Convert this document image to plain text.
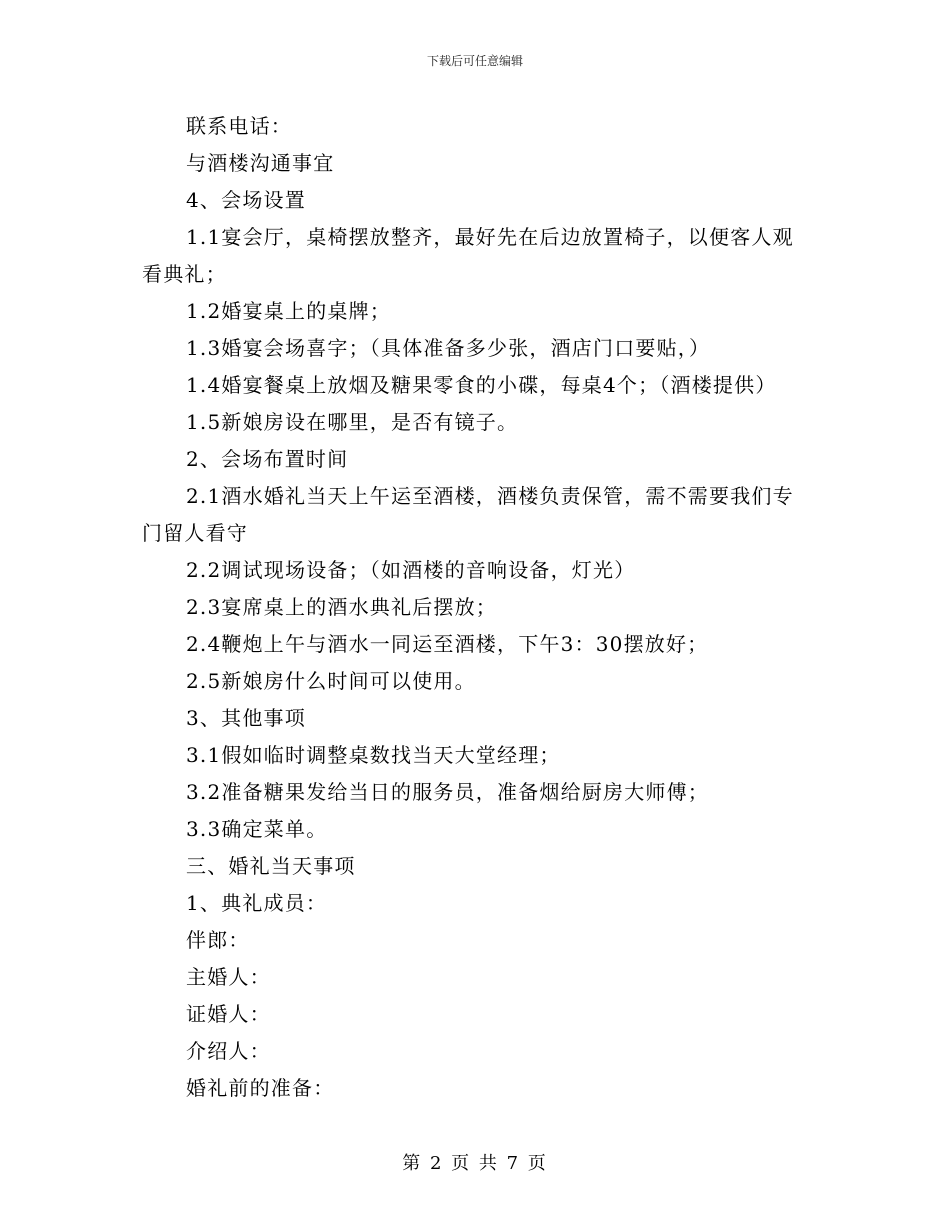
下载后可任意编辑

联系电话：

与酒楼沟通事宜

4、会场设置

1.1宴会厅，桌椅摆放整齐，最好先在后边放置椅子，以便客人观看典礼；

1.2婚宴桌上的桌牌；

1.3婚宴会场喜字；（具体准备多少张，酒店门口要贴，）

1.4婚宴餐桌上放烟及糖果零食的小碟，每桌4个；（酒楼提供）

1.5新娘房设在哪里，是否有镜子。

2、会场布置时间

2.1酒水婚礼当天上午运至酒楼，酒楼负责保管，需不需要我们专门留人看守

2.2调试现场设备；（如酒楼的音响设备，灯光）

2.3宴席桌上的酒水典礼后摆放；

2.4鞭炮上午与酒水一同运至酒楼，下午3：30摆放好；

2.5新娘房什么时间可以使用。

3、其他事项

3.1假如临时调整桌数找当天大堂经理；

3.2准备糖果发给当日的服务员，准备烟给厨房大师傅；

3.3确定菜单。

三、婚礼当天事项

1、典礼成员：

伴郎：

主婚人：

证婚人：

介绍人：

婚礼前的准备：

第 2 页 共 7 页
